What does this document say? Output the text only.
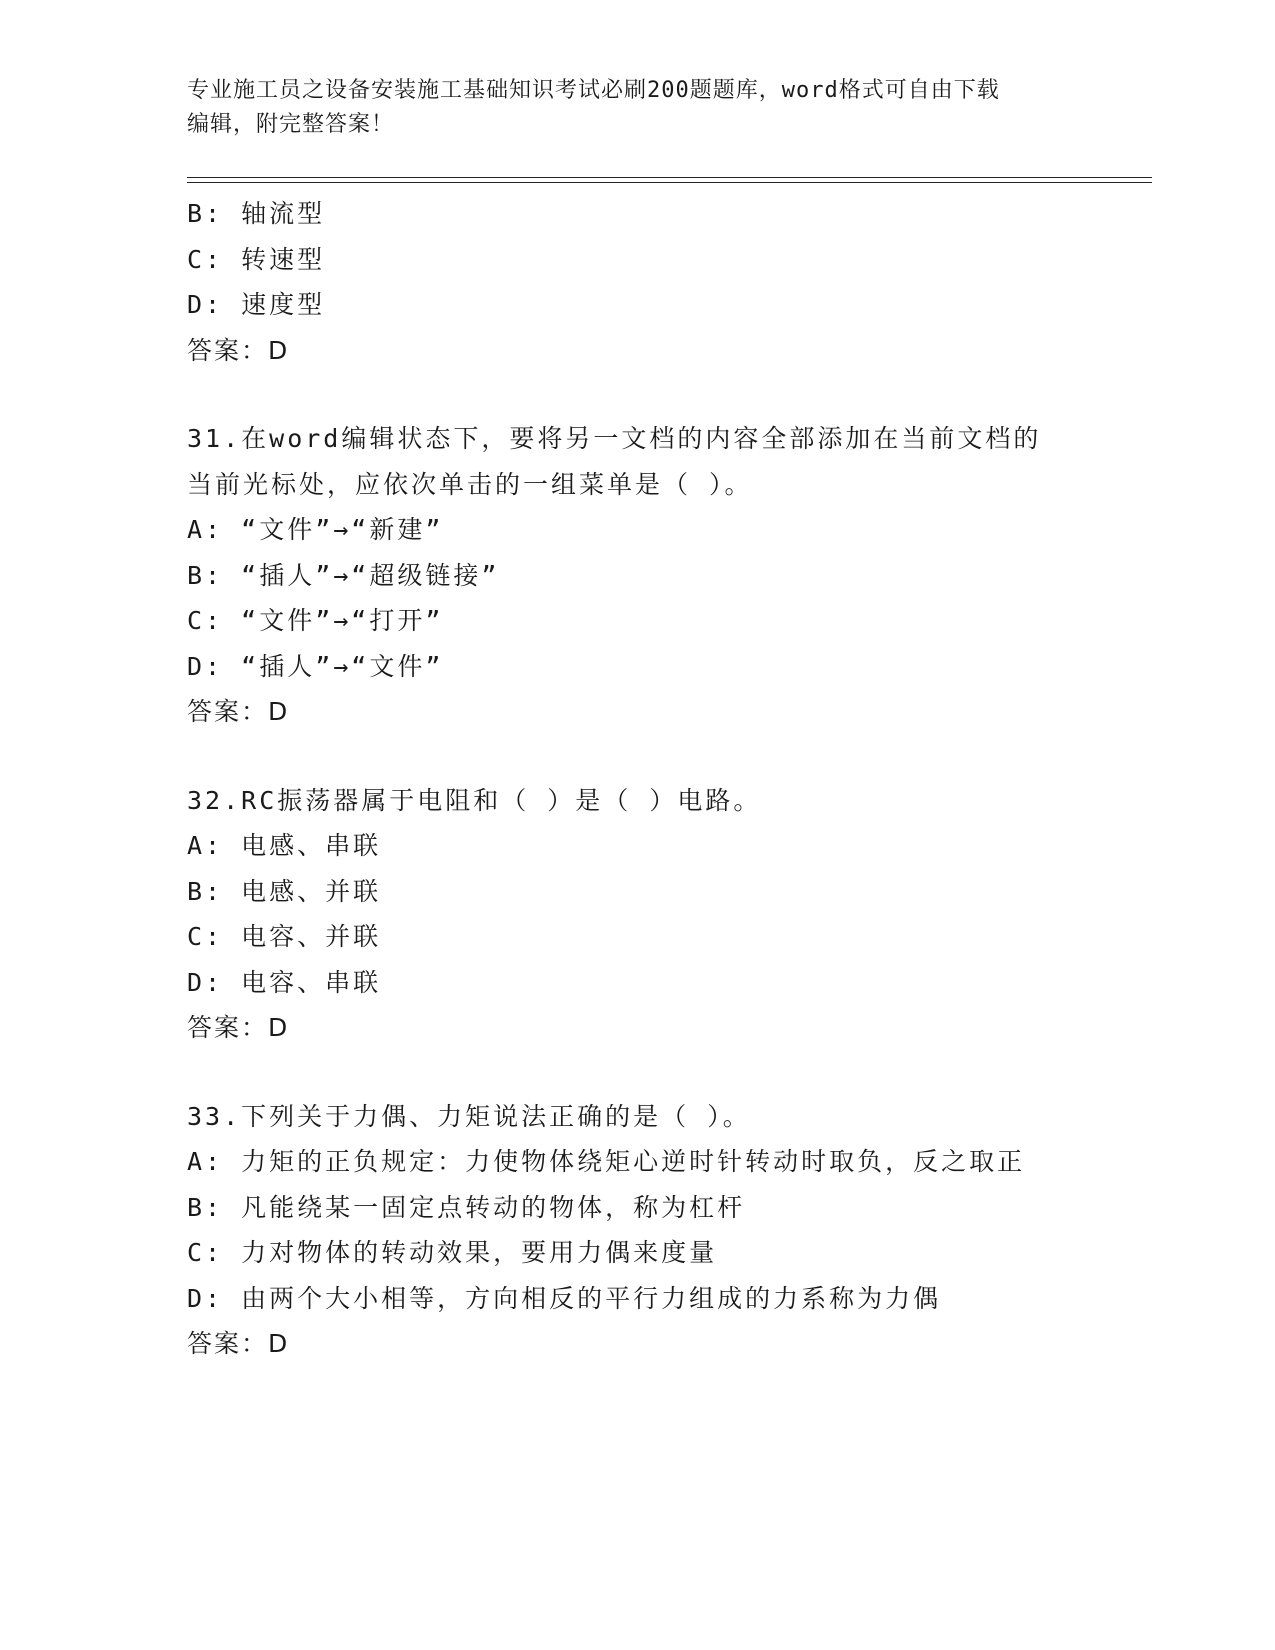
专业施工员之设备安装施工基础知识考试必刷200题题库，word格式可自由下载
编辑，附完整答案！
B: 轴流型
C: 转速型
D: 速度型
答案：D
31.在word编辑状态下，要将另一文档的内容全部添加在当前文档的
当前光标处，应依次单击的一组菜单是（ ）。
A: “文件”→“新建”
B: “插人”→“超级链接”
C: “文件”→“打开”
D: “插人”→“文件”
答案：D
32.RC振荡器属于电阻和（ ）是（ ）电路。
A: 电感、串联
B: 电感、并联
C: 电容、并联
D: 电容、串联
答案：D
33.下列关于力偶、力矩说法正确的是（ ）。
A: 力矩的正负规定：力使物体绕矩心逆时针转动时取负，反之取正
B: 凡能绕某一固定点转动的物体，称为杠杆
C: 力对物体的转动效果，要用力偶来度量
D: 由两个大小相等，方向相反的平行力组成的力系称为力偶
答案：D
